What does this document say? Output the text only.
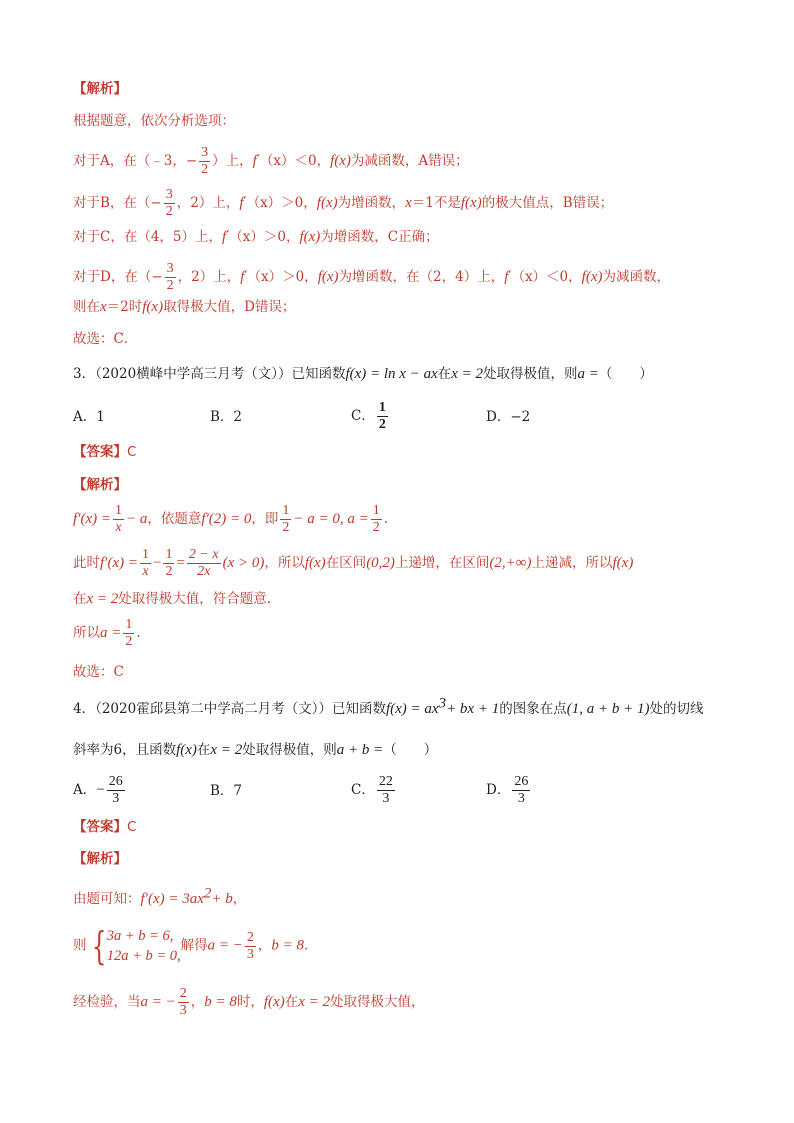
【解析】
根据题意，依次分析选项：
对于A，在（﹣3，− $\frac{3}{2}$ ）上，f′（x）＜0，f(x)为减函数，A错误；
对于B，在（− $\frac{3}{2}$ ，2）上，f′（x）＞0，f(x)为增函数，x＝1不是f(x)的极大值点，B错误；
对于C，在（4，5）上，f′（x）＞0，f(x)为增函数，C正确；
对于D，在（− $\frac{3}{2}$ ，2）上，f′（x）＞0，f(x)为增函数，在（2，4）上，f′（x）＜0，f(x)为减函数，
则在x＝2时f(x)取得极大值，D错误；
故选：C．
3．（2020横峰中学高三月考（文））已知函数f(x) = ln x − ax在x = 2处取得极值，则a =（　　）
A．1	B．2	C． $\frac{1}{2}$	D．−2
【答案】C
【解析】
$f'(x) = \frac{1}{x} - a$，依题意f′(2) = 0，即 $\frac{1}{2} - a = 0$, $a = \frac{1}{2}$ .
此时$f'(x) = \frac{1}{x} - \frac{1}{2} = \frac{2 - x}{2x} (x > 0)$，所以f(x)在区间(0,2)上递增，在区间(2,+∞)上递减，所以f(x)
在x = 2处取得极大值，符合题意.
所以$a = \frac{1}{2}$ .
故选：C
4．（2020霍邱县第二中学高二月考（文））已知函数$f(x) = ax^3+$ bx + 1的图象在点(1, a + b + 1)处的切线
斜率为6，且函数f(x)在x = 2处取得极值，则a + b =（　　）
A．− $\frac{26}{3}$	B．7	C． $\frac{22}{3}$	D． $\frac{26}{3}$
【答案】C
【解析】
由题可知：$f'(x) = 3ax^2+ b$，
则 { 3a + b = 6,
12a + b = 0,
解得a = − $\frac{2}{3}$ ，b = 8.
经检验，当a = − $\frac{2}{3}$ ，b = 8时，f(x)在x = 2处取得极大值，
